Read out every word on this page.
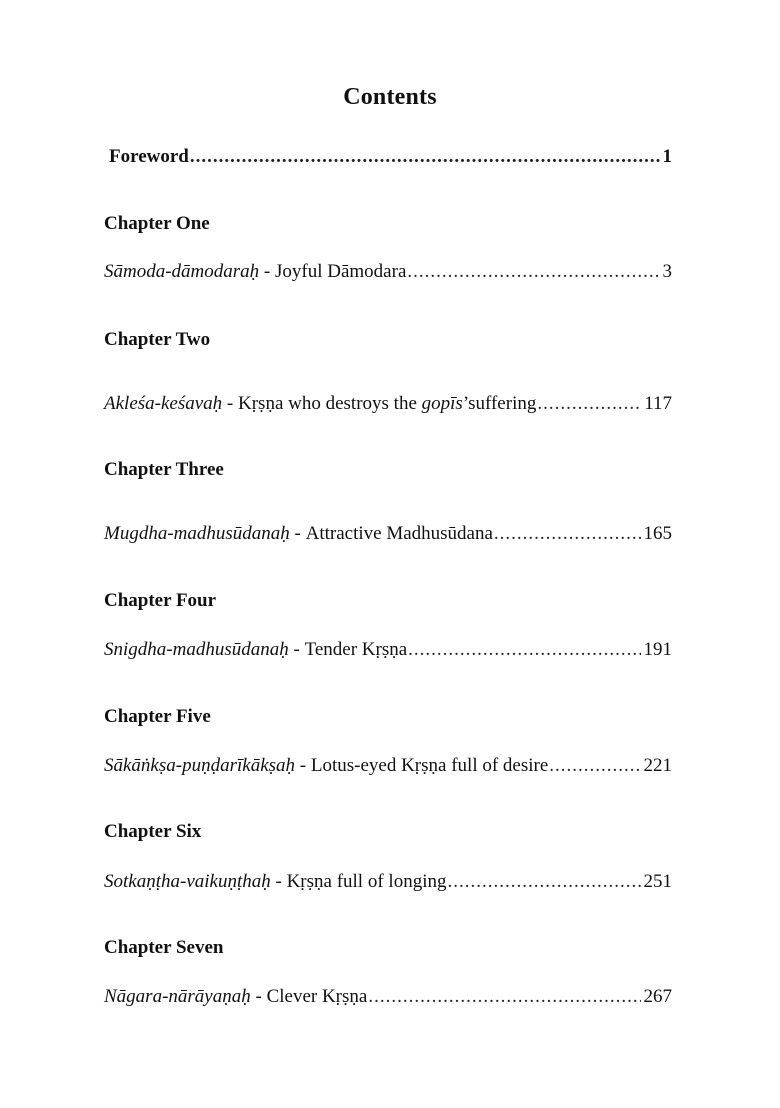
Contents
Foreword .....	1
Chapter One
Sāmoda-dāmodaraḥ - Joyful Dāmodara .....	3
Chapter Two
Akleśa-keśavaḥ - Kṛṣṇa who destroys the gopīs ’suffering .....	117
Chapter Three
Mugdha-madhusūdanaḥ - Attractive Madhusūdana .....	165
Chapter Four
Snigdha-madhusūdanaḥ - Tender Kṛṣṇa .....	191
Chapter Five
Sākāṅkṣa-puṇḍarīkākṣaḥ - Lotus-eyed Kṛṣṇa full of desire .....	221
Chapter Six
Sotkaṇṭha-vaikuṇṭhaḥ - Kṛṣṇa full of longing .....	251
Chapter Seven
Nāgara-nārāyaṇaḥ - Clever Kṛṣṇa .....	267
